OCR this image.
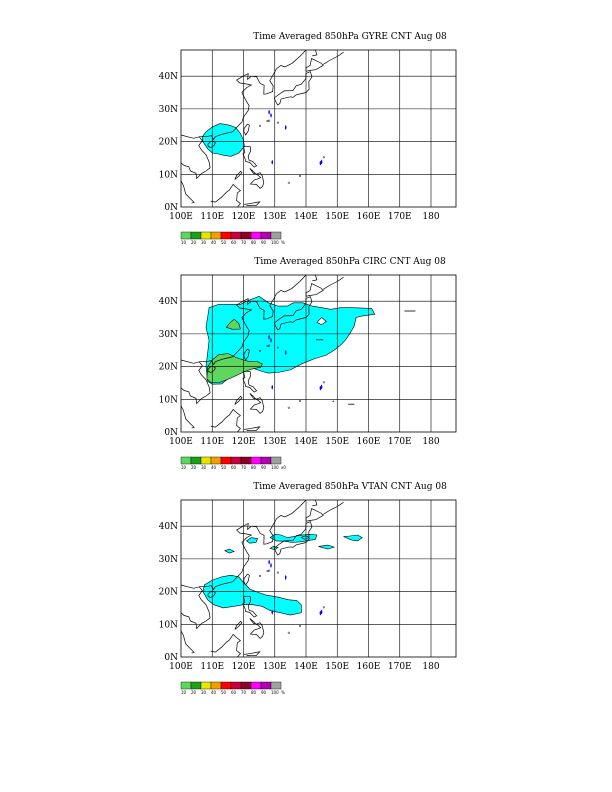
Time Averaged 850hPa GYRE CNT Aug 08
Time Averaged 850hPa CIRC CNT Aug 08
Time Averaged 850hPa VTAN CNT Aug 08
40N
30N
20N
10N
0N
100E 110E 120E 130E 140E 150E 160E 170E 180
10 20 30 40 50 60 70 80 90 100 %
40N
30N
20N
10N
0N
100E 110E 120E 130E 140E 150E 160E 170E 180
10 20 30 40 50 60 70 80 90 100 x0
40N
30N
20N
10N
0N
100E 110E 120E 130E 140E 150E 160E 170E 180
10 20 30 40 50 60 70 80 90 100 %
